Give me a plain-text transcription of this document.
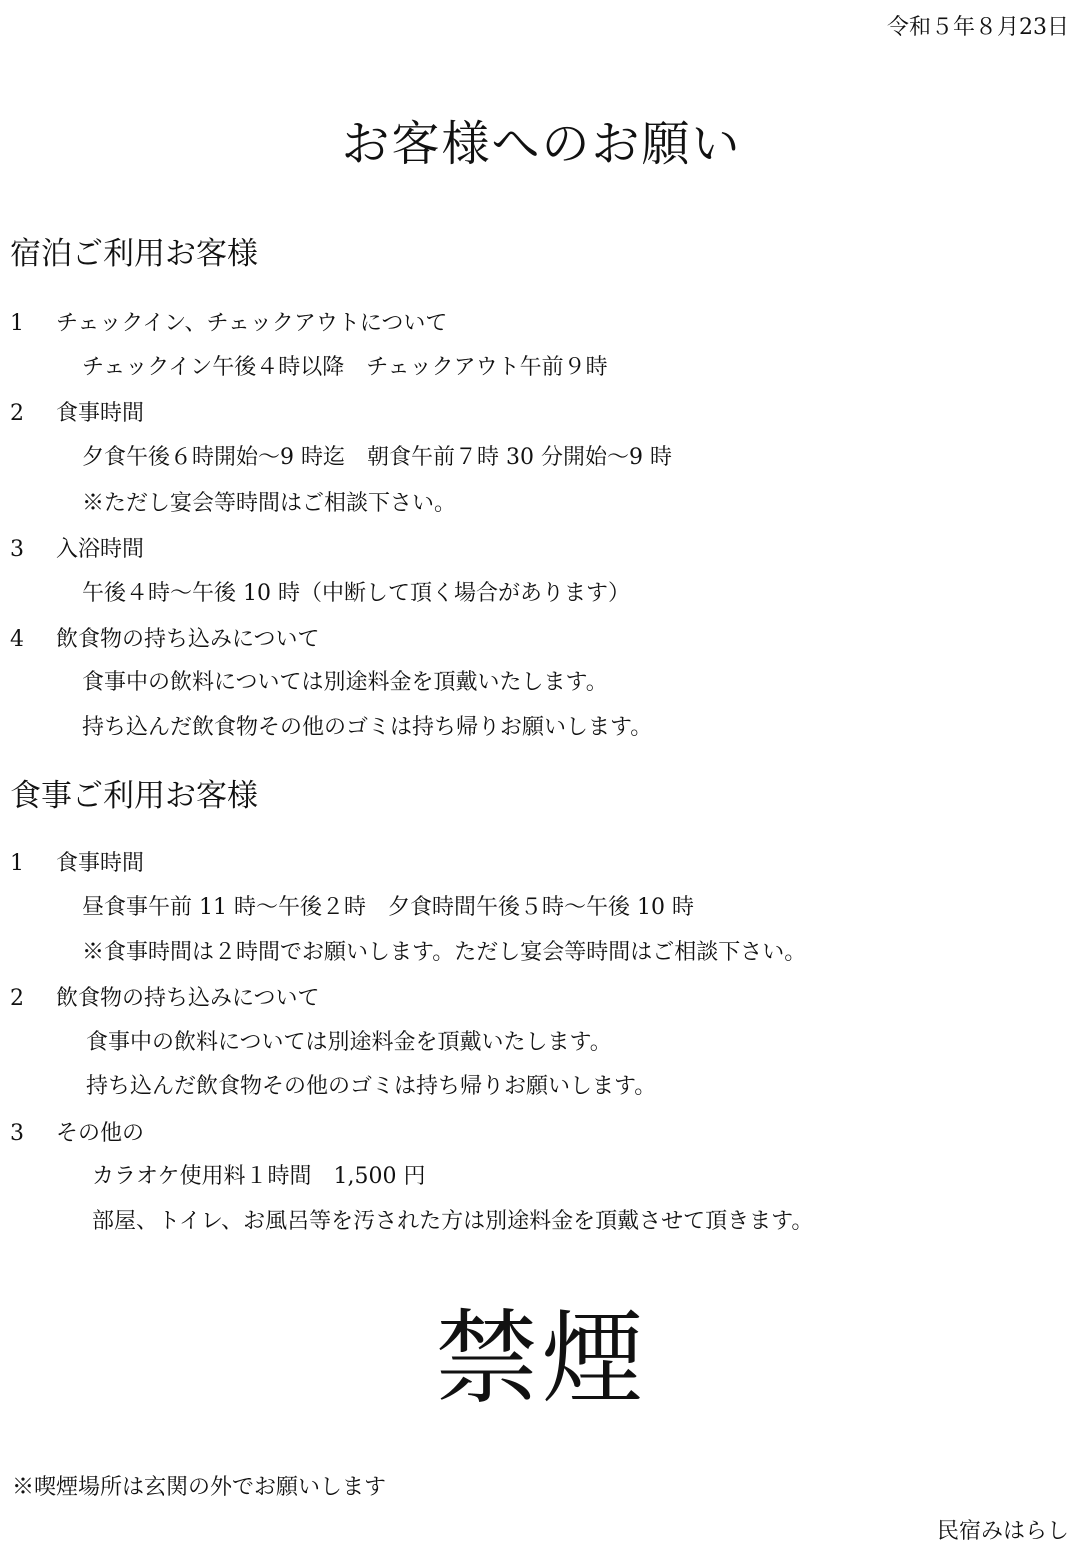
令和５年８月23日
お客様へのお願い
宿泊ご利用お客様
1 チェックイン、チェックアウトについて
チェックイン午後４時以降　チェックアウト午前９時
2 食事時間
夕食午後６時開始～9 時迄　朝食午前７時 30 分開始～9 時
※ただし宴会等時間はご相談下さい。
3 入浴時間
午後４時～午後 10 時（中断して頂く場合があります）
4 飲食物の持ち込みについて
食事中の飲料については別途料金を頂戴いたします。
持ち込んだ飲食物その他のゴミは持ち帰りお願いします。
食事ご利用お客様
1 食事時間
昼食事午前 11 時～午後２時　夕食時間午後５時～午後 10 時
※食事時間は２時間でお願いします。ただし宴会等時間はご相談下さい。
2 飲食物の持ち込みについて
食事中の飲料については別途料金を頂戴いたします。
持ち込んだ飲食物その他のゴミは持ち帰りお願いします。
3 その他の
カラオケ使用料１時間　1,500 円
部屋、トイレ、お風呂等を汚された方は別途料金を頂戴させて頂きます。
禁煙
※喫煙場所は玄関の外でお願いします
民宿みはらし
